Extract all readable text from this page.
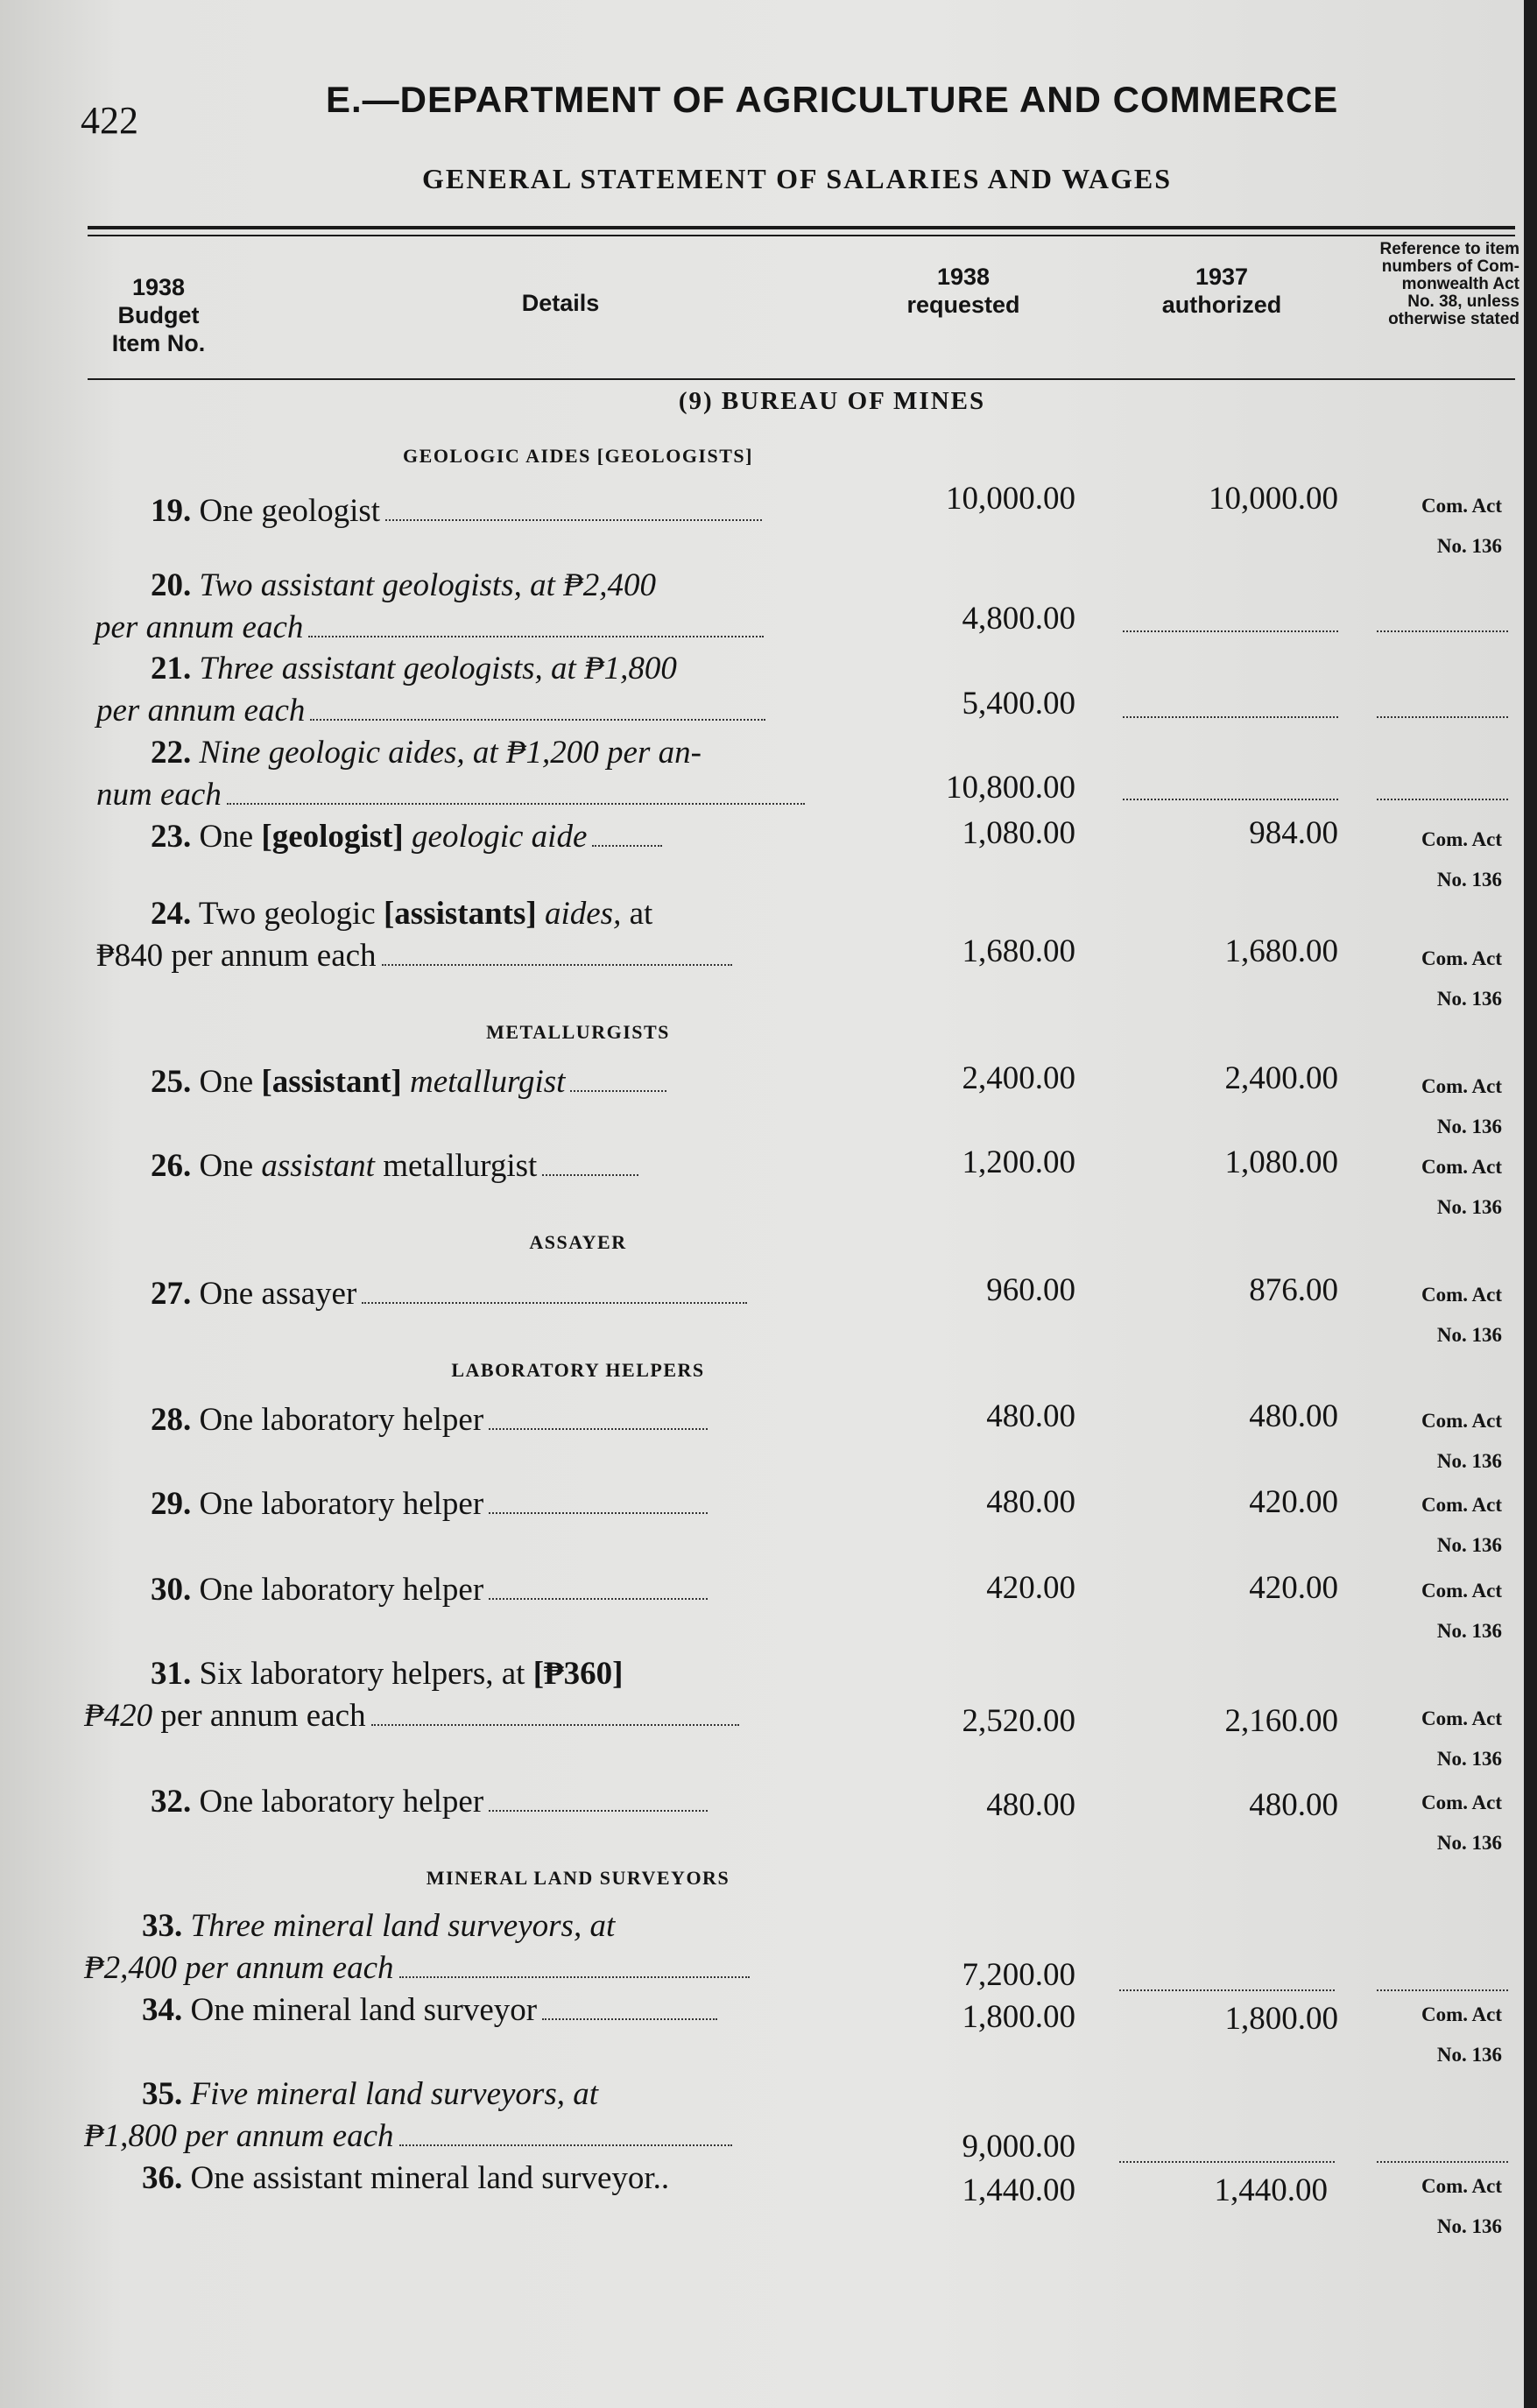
422	E.—DEPARTMENT OF AGRICULTURE AND COMMERCE
GENERAL STATEMENT OF SALARIES AND WAGES
1938
Budget
Item No.
Details
1938
requested
1937
authorized
Reference to item
numbers of Com-
monwealth Act
No. 38, unless
otherwise stated
(9) BUREAU OF MINES
GEOLOGIC AIDES [GEOLOGISTS]
19. One geologist	10,000.00	10,000.00	Com. Act
No. 136
20. Two assistant geologists, at ₱2,400
per annum each	4,800.00
21. Three assistant geologists, at ₱1,800
per annum each	5,400.00
22. Nine geologic aides, at ₱1,200 per an-
num each	10,800.00
23. One [geologist] geologic aide	1,080.00	984.00	Com. Act
No. 136
24. Two geologic [assistants] aides, at
₱840 per annum each	1,680.00	1,680.00	Com. Act
No. 136
METALLURGISTS
25. One [assistant] metallurgist	2,400.00	2,400.00	Com. Act
No. 136
26. One assistant metallurgist	1,200.00	1,080.00	Com. Act
No. 136
ASSAYER
27. One assayer	960.00	876.00	Com. Act
No. 136
LABORATORY HELPERS
28. One laboratory helper	480.00	480.00	Com. Act
No. 136
29. One laboratory helper	480.00	420.00	Com. Act
No. 136
30. One laboratory helper	420.00	420.00	Com. Act
No. 136
31. Six laboratory helpers, at [₱360]
₱420 per annum each	2,520.00	2,160.00	Com. Act
No. 136
32. One laboratory helper	480.00	480.00	Com. Act
No. 136
MINERAL LAND SURVEYORS
33. Three mineral land surveyors, at
₱2,400 per annum each	7,200.00
34. One mineral land surveyor	1,800.00	1,800.00	Com. Act
No. 136
35. Five mineral land surveyors, at
₱1,800 per annum each	9,000.00
36. One assistant mineral land surveyor..	1,440.00	1,440.00	Com. Act
No. 136
